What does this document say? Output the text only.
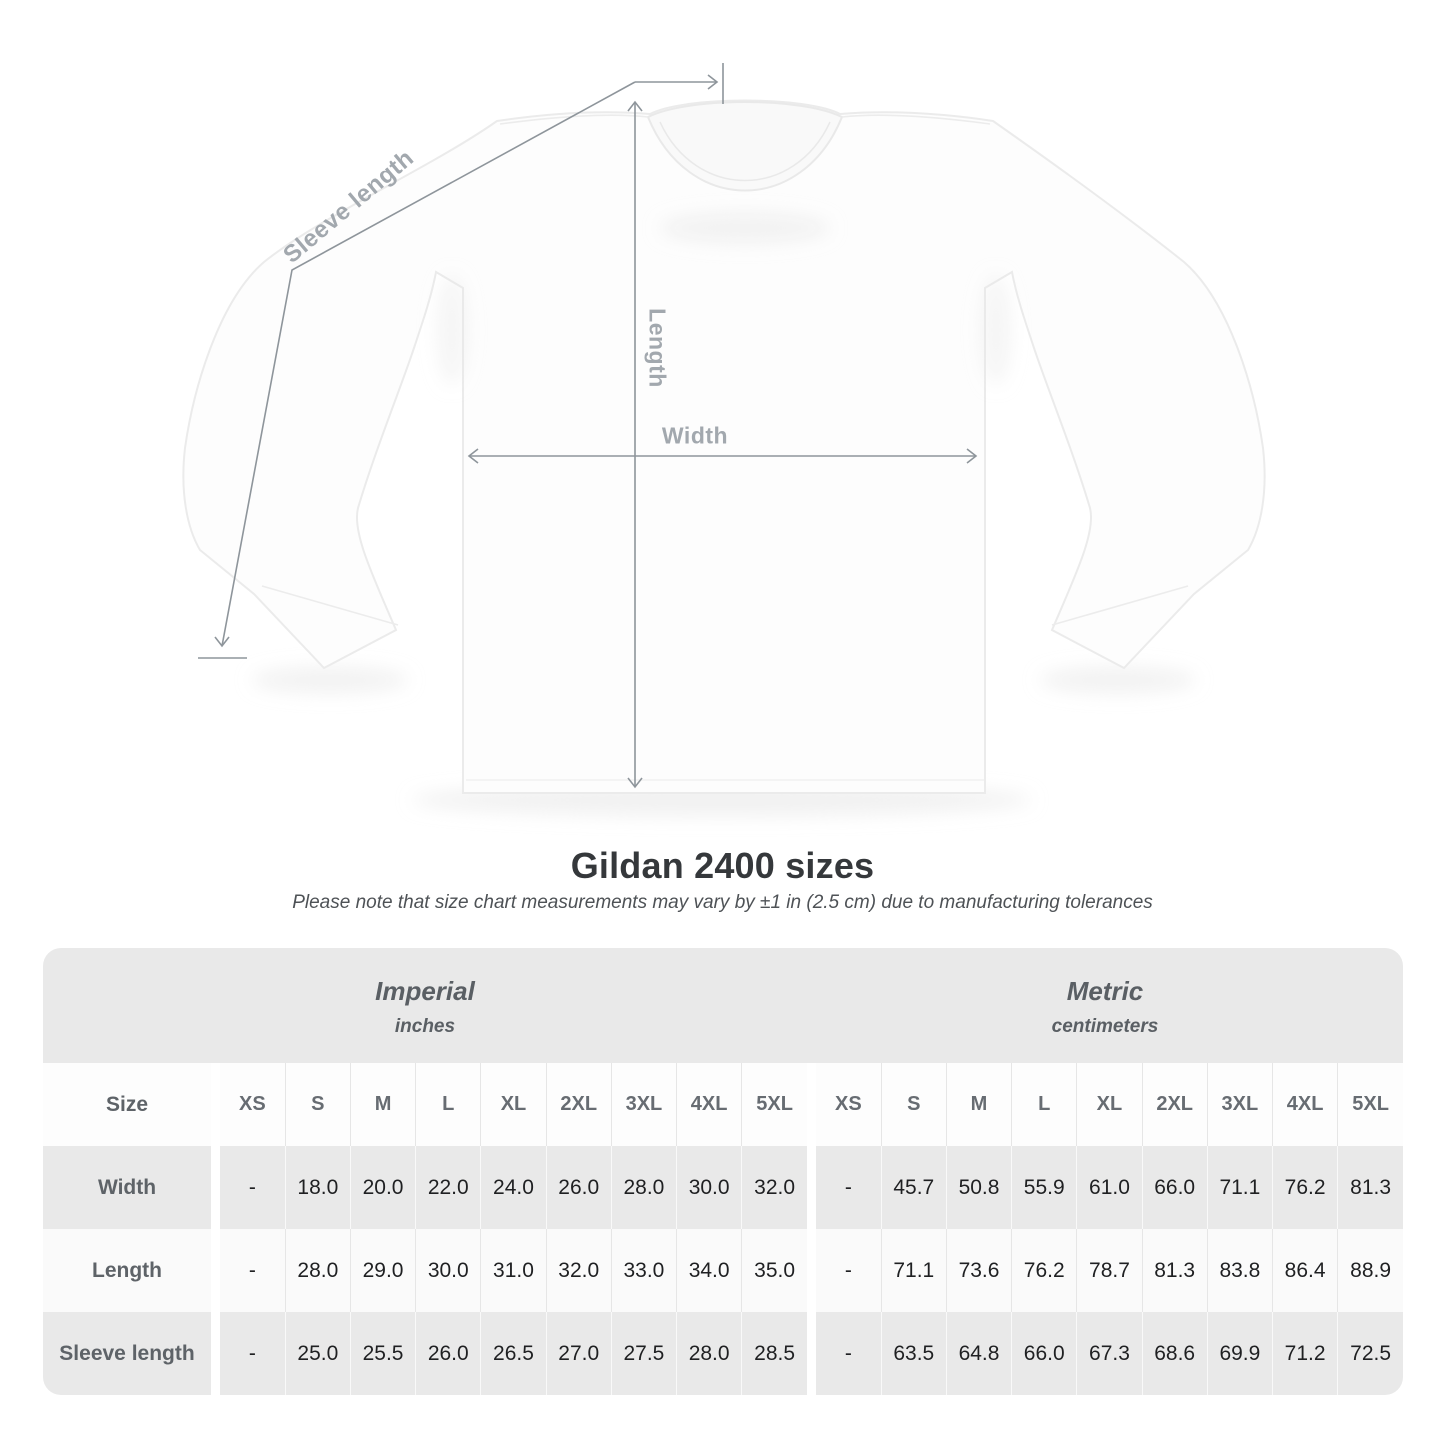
Sleeve length
Length
Width
Gildan 2400 sizes

Please note that size chart measurements may vary by ±1 in (2.5 cm) due to manufacturing tolerances

Imperial
inches

Metric
centimeters

Size		XS	S	M	L	XL	2XL	3XL	4XL	5XL		XS	S	M	L	XL	2XL	3XL	4XL	5XL
Width		-	18.0	20.0	22.0	24.0	26.0	28.0	30.0	32.0		-	45.7	50.8	55.9	61.0	66.0	71.1	76.2	81.3
Length		-	28.0	29.0	30.0	31.0	32.0	33.0	34.0	35.0		-	71.1	73.6	76.2	78.7	81.3	83.8	86.4	88.9
Sleeve length		-	25.0	25.5	26.0	26.5	27.0	27.5	28.0	28.5		-	63.5	64.8	66.0	67.3	68.6	69.9	71.2	72.5
